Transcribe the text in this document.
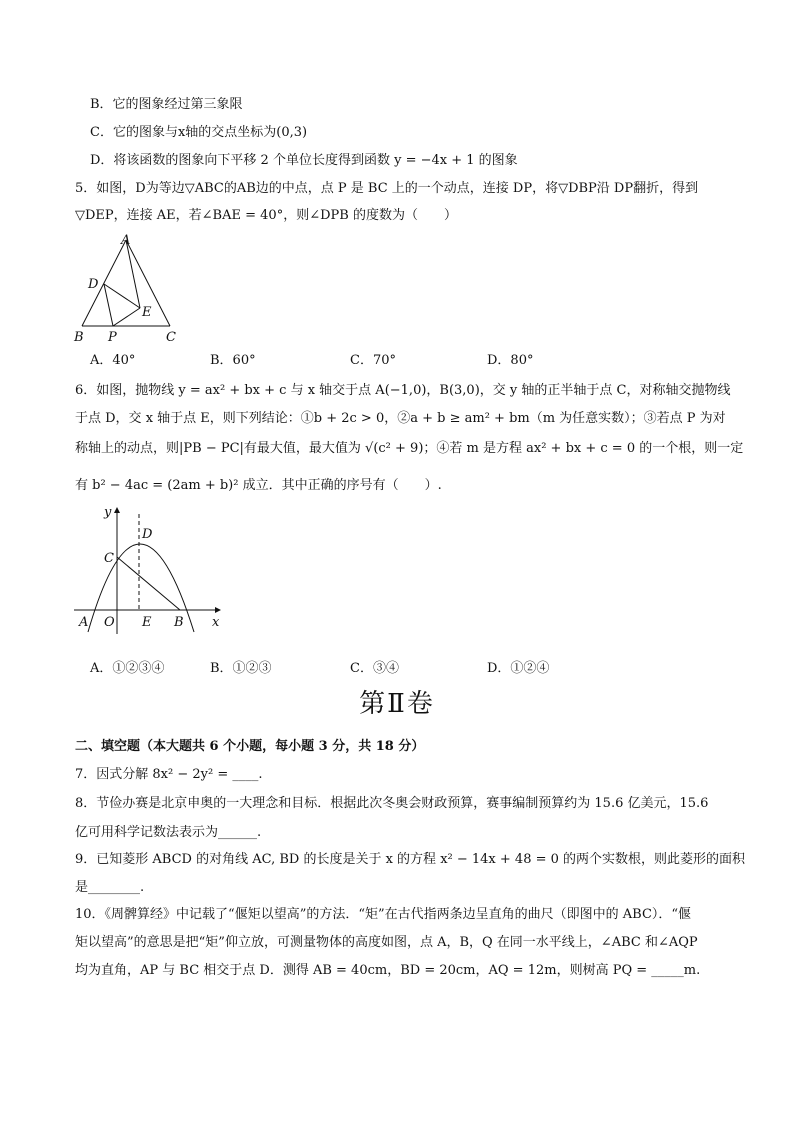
B．它的图象经过第三象限
C．它的图象与x轴的交点坐标为(0,3)
D．将该函数的图象向下平移 2 个单位长度得到函数 y = −4x + 1 的图象
5．如图，D为等边▽ABC的AB边的中点，点 P 是 BC 上的一个动点，连接 DP，将▽DBP沿 DP翻折，得到
▽DEP，连接 AE，若∠BAE = 40°，则∠DPB 的度数为（　　）
A
D
E
B P	C
A．40°	B．60°	C．70°	D．80°
6．如图，抛物线 y = ax² + bx + c 与 x 轴交于点 A(−1,0)，B(3,0)，交 y 轴的正半轴于点 C，对称轴交抛物线
于点 D，交 x 轴于点 E，则下列结论：①b + 2c > 0，②a + b ≥ am² + bm（m 为任意实数）；③若点 P 为对
称轴上的动点，则|PB − PC|有最大值，最大值为 √(c² + 9)；④若 m 是方程 ax² + bx + c = 0 的一个根，则一定
有 b² − 4ac = (2am + b)² 成立．其中正确的序号有（　　）.
y
x
D
C
A O E B
A．①②③④	B．①②③	C．③④	D．①②④
第Ⅱ卷
二、填空题（本大题共 6 个小题，每小题 3 分，共 18 分）
7．因式分解 8x² − 2y² = ____.
8．节俭办赛是北京申奥的一大理念和目标．根据此次冬奥会财政预算，赛事编制预算约为 15.6 亿美元，15.6
亿可用科学记数法表示为______.
9．已知菱形 ABCD 的对角线 AC, BD 的长度是关于 x 的方程 x² − 14x + 48 = 0 的两个实数根，则此菱形的面积
是________.
10．《周髀算经》中记载了“偃矩以望高”的方法．“矩”在古代指两条边呈直角的曲尺（即图中的 ABC）．“偃
矩以望高”的意思是把“矩”仰立放，可测量物体的高度如图，点 A，B，Q 在同一水平线上，∠ABC 和∠AQP
均为直角，AP 与 BC 相交于点 D．测得 AB = 40cm，BD = 20cm，AQ = 12m，则树高 PQ = _____m.
